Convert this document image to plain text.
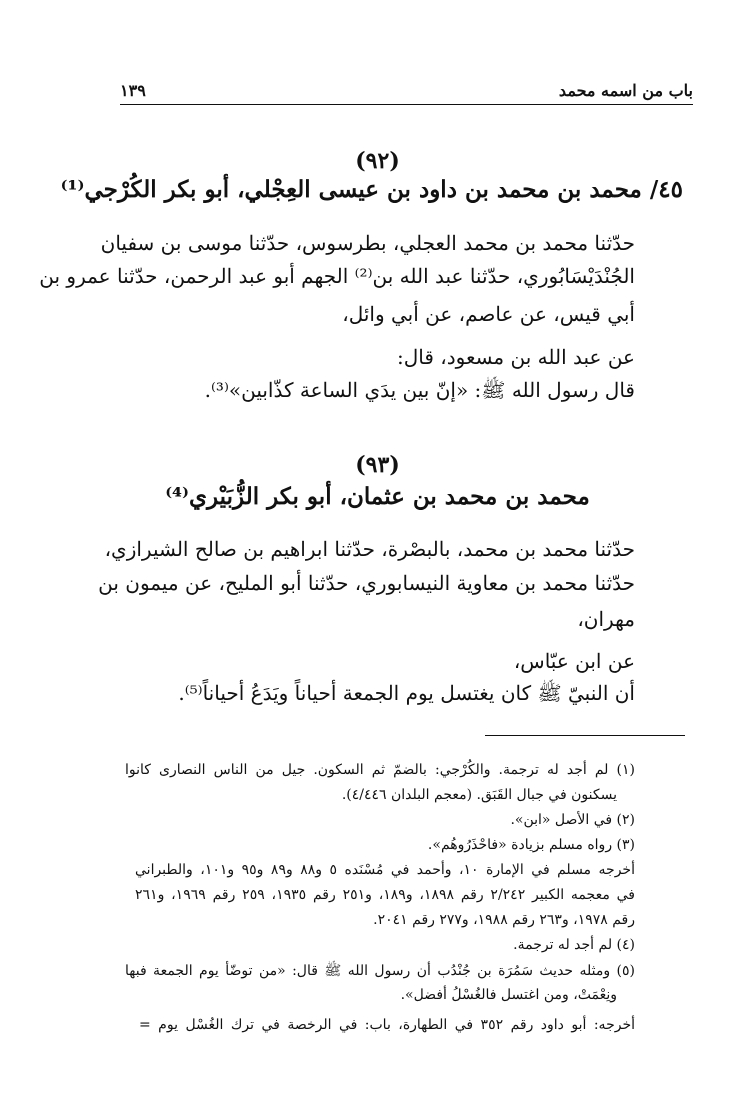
باب من اسمه محمد
١٣٩
(٩٢)
٤٥/ محمد بن محمد بن داود بن عيسى العِجْلي، أبو بكر الكُرْجي⁽¹⁾
حدّثنا محمد بن محمد العجلي، بطرسوس، حدّثنا موسى بن سفيان
الجُنْدَيْسَابُوري، حدّثنا عبد الله بن⁽²⁾ الجهم أبو عبد الرحمن، حدّثنا عمرو بن
أبي قيس، عن عاصم، عن أبي وائل،
عن عبد الله بن مسعود، قال:
قال رسول الله ﷺ: «إنّ بين يدَي الساعة كذّابين»⁽³⁾.
(٩٣)
محمد بن محمد بن عثمان، أبو بكر الزُّبَيْري⁽⁴⁾
حدّثنا محمد بن محمد، بالبصْرة، حدّثنا ابراهيم بن صالح الشيرازي،
حدّثنا محمد بن معاوية النيسابوري، حدّثنا أبو المليح، عن ميمون بن
مهران،
عن ابن عبّاس،
أن النبيّ ﷺ كان يغتسل يوم الجمعة أحياناً ويَدَعُ أحياناً⁽⁵⁾.
(١) لم أجد له ترجمة. والكُرْجي: بالضمّ ثم السكون. جيل من الناس النصارى كانوا
يسكنون في جبال القَبَق. (معجم البلدان ٤/٤٤٦).
(٢) في الأصل «ابن».
(٣) رواه مسلم بزيادة «فاحْذَرُوهُم».
أخرجه مسلم في الإمارة ١٠، وأحمد في مُسْنَده ٥ و٨٨ و٨٩ و٩٥ و١٠١، والطبراني
في معجمه الكبير ٢/٢٤٢ رقم ١٨٩٨، و١٨٩، و٢٥١ رقم ١٩٣٥، ٢٥٩ رقم ١٩٦٩، و٢٦١
رقم ١٩٧٨، و٢٦٣ رقم ١٩٨٨، و٢٧٧ رقم ٢٠٤١.
(٤) لم أجد له ترجمة.
(٥) ومثله حديث سَمُرَة بن جُنْدُب أن رسول الله ﷺ قال: «من توضّأ يوم الجمعة فبها
ونِعْمَتْ، ومن اغتسل فالغُسْلُ أفضل».
أخرجه: أبو داود رقم ٣٥٢ في الطهارة، باب: في الرخصة في ترك الغُسْل يوم =
